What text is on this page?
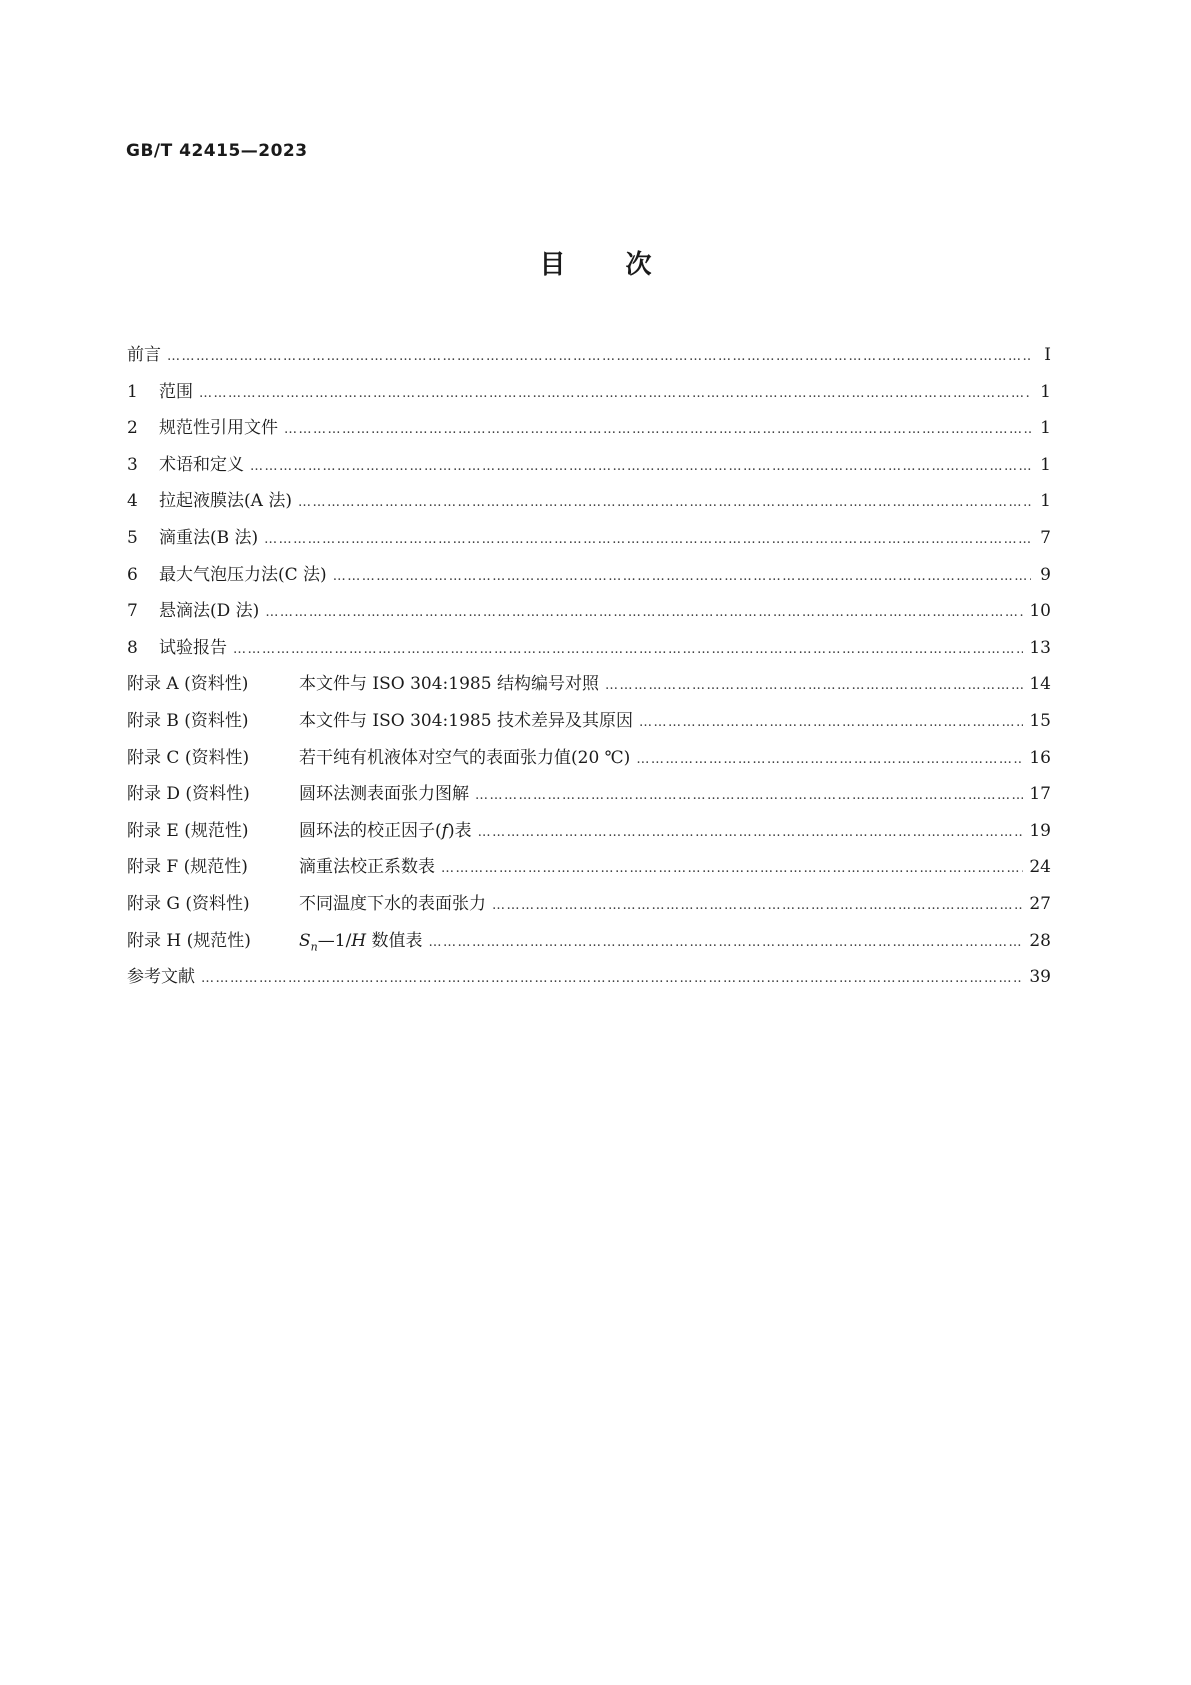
GB/T 42415—2023
目次
前言 ……………………………………………………………………………………………………………………………………………………………………………………………………………………………………………………………………	Ⅰ
1	范围 ……………………………………………………………………………………………………………………………………………………………………………………………………………………………………………………………………	1
2	规范性引用文件 ……………………………………………………………………………………………………………………………………………………………………………………………………………………………………………………………………	1
3	术语和定义 ……………………………………………………………………………………………………………………………………………………………………………………………………………………………………………………………………	1
4	拉起液膜法(A 法) ……………………………………………………………………………………………………………………………………………………………………………………………………………………………………………………………………	1
5	滴重法(B 法) ……………………………………………………………………………………………………………………………………………………………………………………………………………………………………………………………………	7
6	最大气泡压力法(C 法) ……………………………………………………………………………………………………………………………………………………………………………………………………………………………………………………………………	9
7	悬滴法(D 法) ……………………………………………………………………………………………………………………………………………………………………………………………………………………………………………………………………	10
8	试验报告 ……………………………………………………………………………………………………………………………………………………………………………………………………………………………………………………………………	13
附录 A (资料性)	本文件与 ISO 304:1985 结构编号对照 ……………………………………………………………………………………………………………………………………………………………………………………………………………………………………………………………………	14
附录 B (资料性)	本文件与 ISO 304:1985 技术差异及其原因 ……………………………………………………………………………………………………………………………………………………………………………………………………………………………………………………………………	15
附录 C (资料性)	若干纯有机液体对空气的表面张力值(20 ℃) ……………………………………………………………………………………………………………………………………………………………………………………………………………………………………………………………………	16
附录 D (资料性)	圆环法测表面张力图解 ……………………………………………………………………………………………………………………………………………………………………………………………………………………………………………………………………	17
附录 E (规范性)	圆环法的校正因子(f)表 ……………………………………………………………………………………………………………………………………………………………………………………………………………………………………………………………………	19
附录 F (规范性)	滴重法校正系数表 ……………………………………………………………………………………………………………………………………………………………………………………………………………………………………………………………………	24
附录 G (资料性)	不同温度下水的表面张力 ……………………………………………………………………………………………………………………………………………………………………………………………………………………………………………………………………	27
附录 H (规范性)	$S_n—1/H$ 数值表 ……………………………………………………………………………………………………………………………………………………………………………………………………………………………………………………………………	28
参考文献 ……………………………………………………………………………………………………………………………………………………………………………………………………………………………………………………………………	39
